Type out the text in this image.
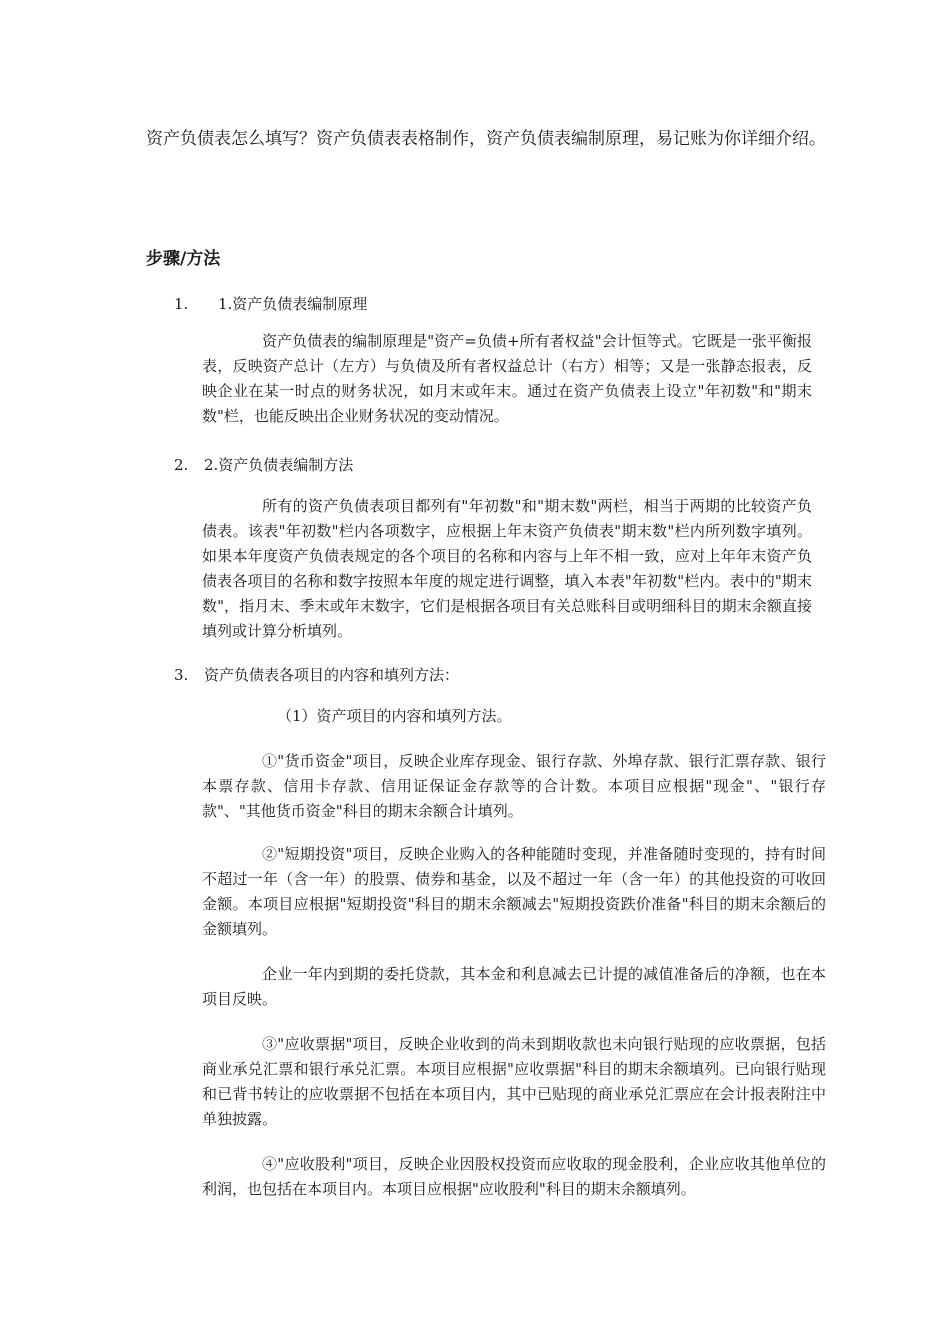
资产负债表怎么填写？资产负债表表格制作，资产负债表编制原理，易记账为你详细介绍。

步骤/方法
1. 1.资产负债表编制原理

资产负债表的编制原理是"资产=负债+所有者权益"会计恒等式。它既是一张平衡报表，反映资产总计（左方）与负债及所有者权益总计（右方）相等；又是一张静态报表，反映企业在某一时点的财务状况，如月末或年末。通过在资产负债表上设立"年初数"和"期末数"栏，也能反映出企业财务状况的变动情况。

2. 2.资产负债表编制方法

所有的资产负债表项目都列有"年初数"和"期末数"两栏，相当于两期的比较资产负债表。该表"年初数"栏内各项数字，应根据上年末资产负债表"期末数"栏内所列数字填列。如果本年度资产负债表规定的各个项目的名称和内容与上年不相一致，应对上年年末资产负债表各项目的名称和数字按照本年度的规定进行调整，填入本表"年初数"栏内。表中的"期末数"，指月末、季末或年末数字，它们是根据各项目有关总账科目或明细科目的期末余额直接填列或计算分析填列。

3. 资产负债表各项目的内容和填列方法：

（1）资产项目的内容和填列方法。

①"货币资金"项目，反映企业库存现金、银行存款、外埠存款、银行汇票存款、银行本票存款、信用卡存款、信用证保证金存款等的合计数。本项目应根据"现金"、"银行存款"、"其他货币资金"科目的期末余额合计填列。

②"短期投资"项目，反映企业购入的各种能随时变现，并准备随时变现的，持有时间不超过一年（含一年）的股票、债券和基金，以及不超过一年（含一年）的其他投资的可收回金额。本项目应根据"短期投资"科目的期末余额减去"短期投资跌价准备"科目的期末余额后的金额填列。

企业一年内到期的委托贷款，其本金和利息减去已计提的减值准备后的净额，也在本项目反映。

③"应收票据"项目，反映企业收到的尚未到期收款也未向银行贴现的应收票据，包括商业承兑汇票和银行承兑汇票。本项目应根据"应收票据"科目的期末余额填列。已向银行贴现和已背书转让的应收票据不包括在本项目内，其中已贴现的商业承兑汇票应在会计报表附注中单独披露。

④"应收股利"项目，反映企业因股权投资而应收取的现金股利，企业应收其他单位的利润，也包括在本项目内。本项目应根据"应收股利"科目的期末余额填列。
